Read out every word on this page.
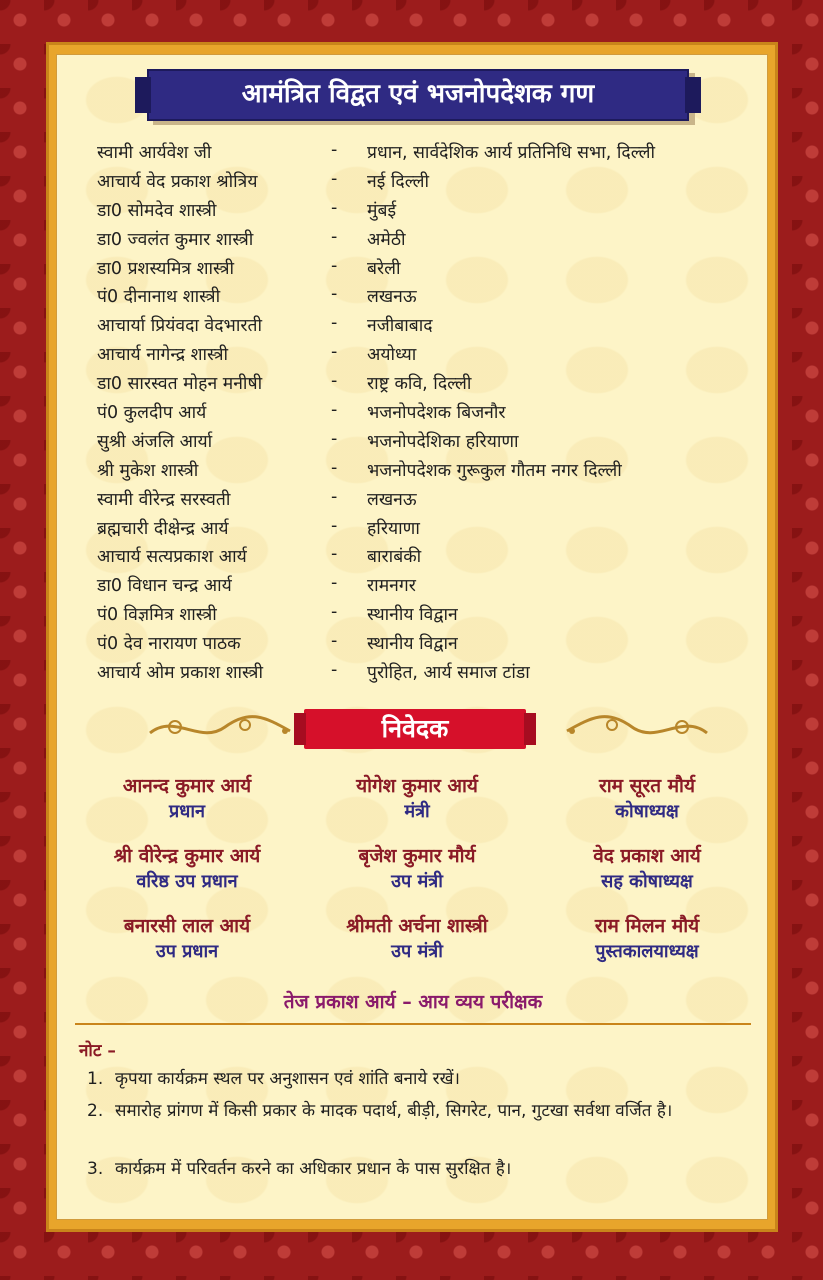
आमंत्रित विद्वत एवं भजनोपदेशक गण
स्वामी आर्यवेश जी	- प्रधान, सार्वदेशिक आर्य प्रतिनिधि सभा, दिल्ली
आचार्य वेद प्रकाश श्रोत्रिय	- नई दिल्ली
डा0 सोमदेव शास्त्री	- मुंबई
डा0 ज्वलंत कुमार शास्त्री	- अमेठी
डा0 प्रशस्यमित्र शास्त्री	- बरेली
पं0 दीनानाथ शास्त्री	- लखनऊ
आचार्या प्रियंवदा वेदभारती	- नजीबाबाद
आचार्य नागेन्द्र शास्त्री	- अयोध्या
डा0 सारस्वत मोहन मनीषी	- राष्ट्र कवि, दिल्ली
पं0 कुलदीप आर्य	- भजनोपदेशक बिजनौर
सुश्री अंजलि आर्या	- भजनोपदेशिका हरियाणा
श्री मुकेश शास्त्री	- भजनोपदेशक गुरूकुल गौतम नगर दिल्ली
स्वामी वीरेन्द्र सरस्वती	- लखनऊ
ब्रह्मचारी दीक्षेन्द्र आर्य	- हरियाणा
आचार्य सत्यप्रकाश आर्य	- बाराबंकी
डा0 विधान चन्द्र आर्य	- रामनगर
पं0 विज्ञमित्र शास्त्री	- स्थानीय विद्वान
पं0 देव नारायण पाठक	- स्थानीय विद्वान
आचार्य ओम प्रकाश शास्त्री	- पुरोहित, आर्य समाज टांडा
निवेदक
आनन्द कुमार आर्य
प्रधान
योगेश कुमार आर्य
मंत्री
राम सूरत मौर्य
कोषाध्यक्ष
श्री वीरेन्द्र कुमार आर्य
वरिष्ठ उप प्रधान
बृजेश कुमार मौर्य
उप मंत्री
वेद प्रकाश आर्य
सह कोषाध्यक्ष
बनारसी लाल आर्य
उप प्रधान
श्रीमती अर्चना शास्त्री
उप मंत्री
राम मिलन मौर्य
पुस्तकालयाध्यक्ष
तेज प्रकाश आर्य – आय व्यय परीक्षक
नोट –
1. कृपया कार्यक्रम स्थल पर अनुशासन एवं शांति बनाये रखें।
2. समारोह प्रांगण में किसी प्रकार के मादक पदार्थ, बीड़ी, सिगरेट, पान, गुटखा सर्वथा वर्जित है।
3. कार्यक्रम में परिवर्तन करने का अधिकार प्रधान के पास सुरक्षित है।
